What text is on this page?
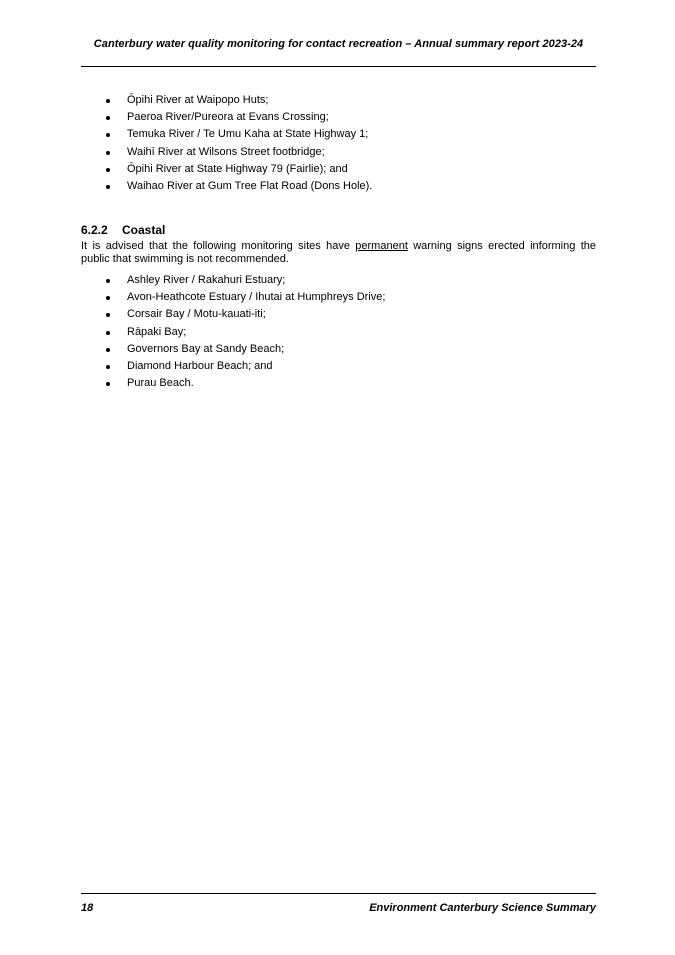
Canterbury water quality monitoring for contact recreation – Annual summary report 2023-24
Ōpihi River at Waipopo Huts;
Paeroa River/Pureora at Evans Crossing;
Temuka River / Te Umu Kaha at State Highway 1;
Waihī River at Wilsons Street footbridge;
Ōpihi River at State Highway 79 (Fairlie); and
Waihao River at Gum Tree Flat Road (Dons Hole).
6.2.2 Coastal
It is advised that the following monitoring sites have permanent warning signs erected informing the
public that swimming is not recommended.
Ashley River / Rakahuri Estuary;
Avon-Heathcote Estuary / Ihutai at Humphreys Drive;
Corsair Bay / Motu-kauati-iti;
Rāpaki Bay;
Governors Bay at Sandy Beach;
Diamond Harbour Beach; and
Purau Beach.
18	Environment Canterbury Science Summary
